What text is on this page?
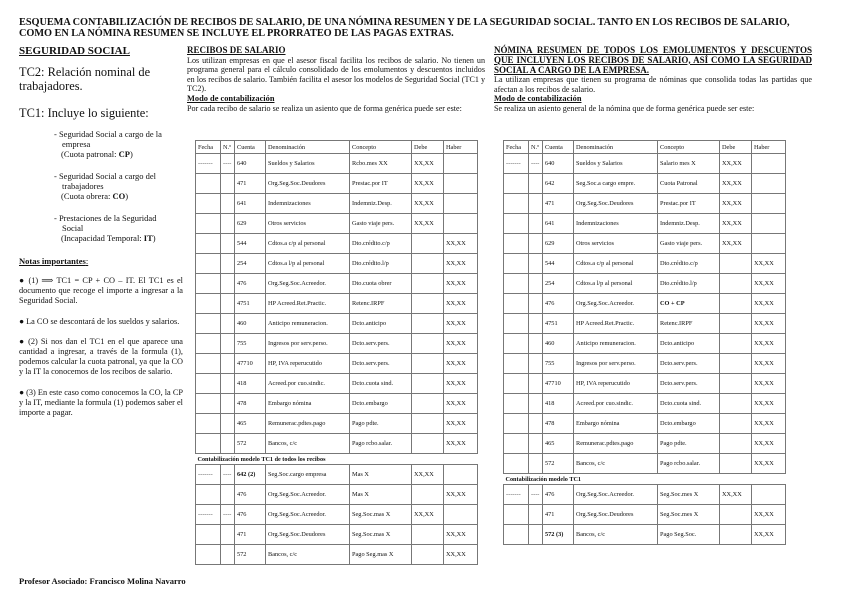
ESQUEMA CONTABILIZACIÓN DE RECIBOS DE SALARIO, DE UNA NÓMINA RESUMEN Y DE LA SEGURIDAD SOCIAL. TANTO EN LOS RECIBOS DE SALARIO, COMO EN LA NÓMINA RESUMEN SE INCLUYE EL PRORRATEO DE LAS PAGAS EXTRAS.
SEGURIDAD SOCIAL
TC2: Relación nominal de trabajadores.
TC1: Incluye lo siguiente:
- Seguridad Social a cargo de la
empresa
(Cuota patronal: CP)
- Seguridad Social a cargo del
trabajadores
(Cuota obrera: CO)
- Prestaciones de la Seguridad
Social
(Incapacidad Temporal: IT)
Notas importantes:
● (1) ⟹ TC1 = CP + CO – IT. El TC1 es el documento que recoge el importe a ingresar a la Seguridad Social.
● La CO se descontará de los sueldos y salarios.
● (2) Si nos dan el TC1 en el que aparece una cantidad a ingresar, a través de la formula (1), podemos calcular la cuota patronal, ya que la CO y la IT la conocemos de los recibos de salario.
● (3) En este caso como conocemos la CO, la CP y la IT, mediante la formula (1) podemos saber el importe a pagar.
RECIBOS DE SALARIO
Los utilizan empresas en que el asesor fiscal facilita los recibos de salario. No tienen un programa general para el cálculo consolidado de los emolumentos y descuentos incluidos en los recibos de salario. También facilita el asesor los modelos de Seguridad Social (TC1 y TC2).
Modo de contabilización
Por cada recibo de salario se realiza un asiento que de forma genérica puede ser este:
Fecha	N.º	Cuenta	Denominación	Concepto	Debe	Haber
-------	----	640	Sueldos y Salarios	Rcbo.mes XX	XX,XX	
		471	Org.Seg.Soc.Deudores	Prestac.por IT	XX,XX	
		641	Indemnizaciones	Indemniz.Desp.	XX,XX	
		629	Otros servicios	Gasto viaje pers.	XX,XX	
		544	Cdtos.a c/p al personal	Dto.crédito.c/p		XX,XX
		254	Cdtos.a l/p al personal	Dto.crédito.l/p		XX,XX
		476	Org.Seg.Soc.Acreedor.	Dto.cuota obrer		XX,XX
		4751	HP Acreed.Ret.Practic.	Retenc.IRPF		XX,XX
		460	Anticipo remuneracion.	Dcto.anticipo		XX,XX
		755	Ingresos por serv.perso.	Dcto.serv.pers.		XX,XX
		47710	HP, IVA reperucutido	Dcto.serv.pers.		XX,XX
		418	Acreed.por cuo.sindic.	Dcto.cuota sind.		XX,XX
		478	Embargo nómina	Dcto.embargo		XX,XX
		465	Remunerac.pdtes.pago	Pago pdte.		XX,XX
		572	Bancos, c/c	Pago rcbo.salar.		XX,XX
Contabilización modelo TC1 de todos los recibos						
-------	----	642 (2)	Seg.Soc.cargo empresa	Mas X	XX,XX	
		476	Org.Seg.Soc.Acreedor.	Mas X		XX,XX
-------	----	476	Org.Seg.Soc.Acreedor.	Seg.Soc.mas X	XX,XX	
		471	Org.Seg.Soc.Deudores	Seg.Soc.mas X		XX,XX
		572	Bancos, c/c	Pago Seg.mas X		XX,XX
NÓMINA RESUMEN DE TODOS LOS EMOLUMENTOS Y DESCUENTOS QUE INCLUYEN LOS RECIBOS DE SALARIO, ASÍ COMO LA SEGURIDAD SOCIAL A CARGO DE LA EMPRESA.
La utilizan empresas que tienen su programa de nóminas que consolida todas las partidas que afectan a los recibos de salario.
Modo de contabilización
Se realiza un asiento general de la nómina que de forma genérica puede ser este:
Fecha	N.º	Cuenta	Denominación	Concepto	Debe	Haber
-------	----	640	Sueldos y Salarios	Salario mes X	XX,XX	
		642	Seg.Soc.a cargo empre.	Cuota Patronal	XX,XX	
		471	Org.Seg.Soc.Deudores	Prestac.por IT	XX,XX	
		641	Indemnizaciones	Indemniz.Desp.	XX,XX	
		629	Otros servicios	Gasto viaje pers.	XX,XX	
		544	Cdtos.a c/p al personal	Dto.crédito.c/p		XX,XX
		254	Cdtos.a l/p al personal	Dto.crédito.l/p		XX,XX
		476	Org.Seg.Soc.Acreedor.	CO + CP		XX,XX
		4751	HP Acreed.Ret.Practic.	Retenc.IRPF		XX,XX
		460	Anticipo remuneracion.	Dcto.anticipo		XX,XX
		755	Ingresos por serv.perso.	Dcto.serv.pers.		XX,XX
		47710	HP, IVA reperucutido	Dcto.serv.pers.		XX,XX
		418	Acreed.por cuo.sindic.	Dcto.cuota sind.		XX,XX
		478	Embargo nómina	Dcto.embargo		XX,XX
		465	Remunerac.pdtes.pago	Pago pdte.		XX,XX
		572	Bancos, c/c	Pago rcbo.salar.		XX,XX
Contabilización modelo TC1						
-------	----	476	Org.Seg.Soc.Acreedor.	Seg.Soc.mes X	XX,XX	
		471	Org.Seg.Soc.Deudores	Seg.Soc.mes X		XX,XX
		572 (3)	Bancos, c/c	Pago Seg.Soc.		XX,XX
Profesor Asociado: Francisco Molina Navarro
